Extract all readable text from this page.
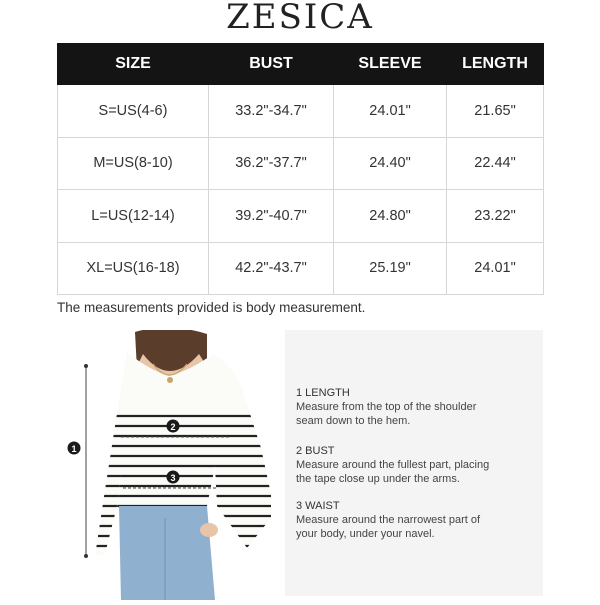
ZESICA
SIZE	BUST	SLEEVE	LENGTH
S=US(4-6)	33.2"-34.7"	24.01"	21.65"
M=US(8-10)	36.2"-37.7"	24.40"	22.44"
L=US(12-14)	39.2"-40.7"	24.80"	23.22"
XL=US(16-18)	42.2"-43.7"	25.19"	24.01"
The measurements provided is body measurement.
1
2
3
1 LENGTH
Measure from the top of the shoulder
seam down to the hem.
2 BUST
Measure around the fullest part, placing
the tape close up under the arms.
3 WAIST
Measure around the narrowest part of
your body, under your navel.
